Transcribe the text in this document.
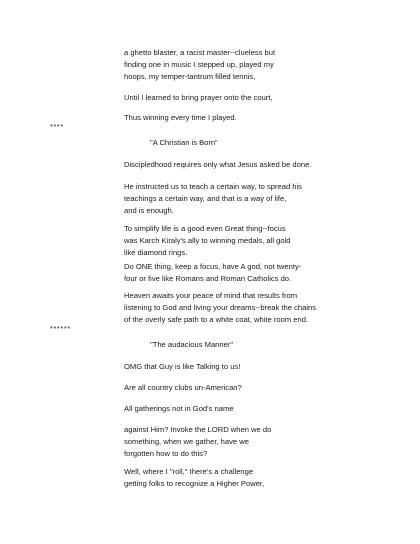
a ghetto blaster, a racist master--clueless but
finding one in music I stepped up, played my
hoops, my temper-tantrum filled tennis,
Until I learned to bring prayer onto the court,
Thus winning every time I played.
****
"A Christian is Born"
Discipledhood requires only what Jesus asked be done.
He instructed us to teach a certain way, to spread his
teachings a certain way, and that is a way of life,
and is enough.
To simplify life is a good even Great thing--focus
was Karch Kiraly's ally to winning medals, all gold
like diamond rings.
Do ONE thing, keep a focus, have A god, not twenty-
four or five like Romans and Roman Catholics do.
Heaven awaits your peace of mind that results from
listening to God and living your dreams--break the chains
of the overly safe path to a white coat, white room end.
******
"The audacious Manner"
OMG that Guy is like Talking to us!
Are all country clubs un-American?
All gatherings not in God's name
against Him? Invoke the LORD when we do
something, when we gather, have we
forgotten how to do this?
Well, where I "roll," there's a challenge
getting folks to recognize a Higher Power,
